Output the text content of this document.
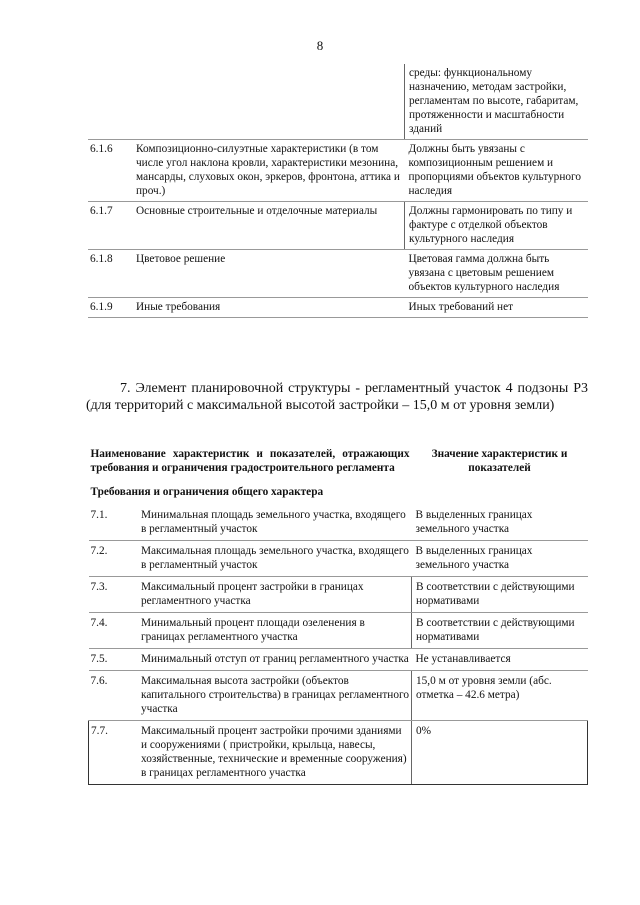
8
		среды: функциональному назначению, методам застройки, регламентам по высоте, габаритам, протяженности и масштабности зданий
6.1.6	Композиционно-силуэтные характеристики (в том числе угол наклона кровли, характеристики мезонина, мансарды, слуховых окон, эркеров, фронтона, аттика и проч.)	Должны быть увязаны с композиционным решением и пропорциями объектов культурного наследия
6.1.7	Основные строительные и отделочные материалы	Должны гармонировать по типу и фактуре с отделкой объектов культурного наследия
6.1.8	Цветовое решение	Цветовая гамма должна быть увязана с цветовым решением объектов культурного наследия
6.1.9	Иные требования	Иных требований нет
7. Элемент планировочной структуры - регламентный участок 4 подзоны Р3 (для территорий с максимальной высотой застройки – 15,0 м от уровня земли)
Наименование характеристик и показателей, отражающих требования и ограничения градостроительного регламента		Значение характеристик и показателей
Требования и ограничения общего характера		
7.1.	Минимальная площадь земельного участка, входящего в регламентный участок	В выделенных границах земельного участка
7.2.	Максимальная площадь земельного участка, входящего в регламентный участок	В выделенных границах земельного участка
7.3.	Максимальный процент застройки в границах регламентного участка	В соответствии с действующими нормативами
7.4.	Минимальный процент площади озеленения в границах регламентного участка	В соответствии с действующими нормативами
7.5.	Минимальный отступ от границ регламентного участка	Не устанавливается
7.6.	Максимальная высота застройки (объектов капитального строительства) в границах регламентного участка	15,0 м от уровня земли (абс. отметка – 42.6 метра)
7.7.	Максимальный процент застройки прочими зданиями и сооружениями ( пристройки, крыльца, навесы, хозяйственные, технические и временные сооружения) в границах регламентного участка	0%
